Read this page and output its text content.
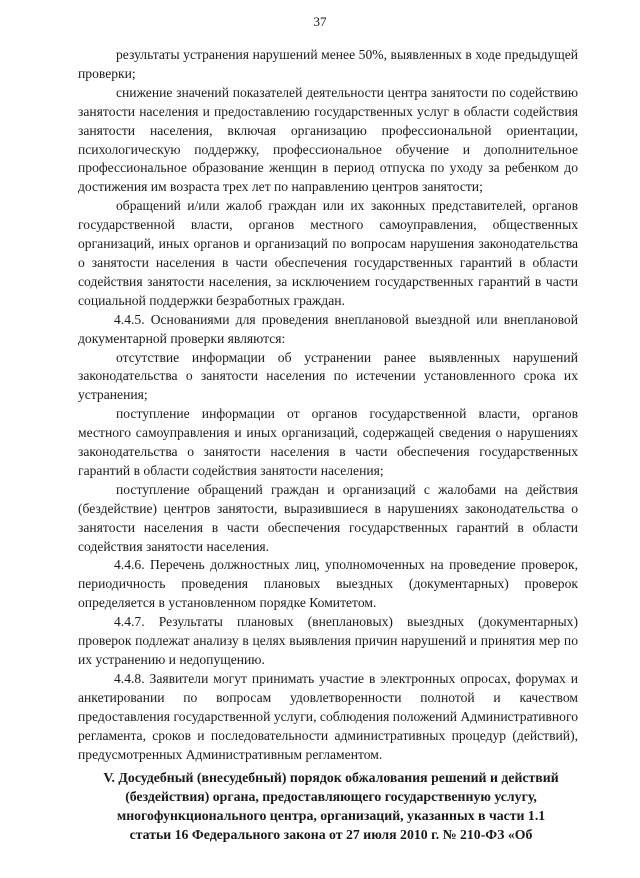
37

результаты устранения нарушений менее 50%, выявленных в ходе предыдущей проверки;

снижение значений показателей деятельности центра занятости по содействию занятости населения и предоставлению государственных услуг в области содействия занятости населения, включая организацию профессиональной ориентации, психологическую поддержку, профессиональное обучение и дополнительное профессиональное образование женщин в период отпуска по уходу за ребенком до достижения им возраста трех лет по направлению центров занятости;

обращений и/или жалоб граждан или их законных представителей, органов государственной власти, органов местного самоуправления, общественных организаций, иных органов и организаций по вопросам нарушения законодательства о занятости населения в части обеспечения государственных гарантий в области содействия занятости населения, за исключением государственных гарантий в части социальной поддержки безработных граждан.

4.4.5. Основаниями для проведения внеплановой выездной или внеплановой документарной проверки являются:

отсутствие информации об устранении ранее выявленных нарушений законодательства о занятости населения по истечении установленного срока их устранения;

поступление информации от органов государственной власти, органов местного самоуправления и иных организаций, содержащей сведения о нарушениях законодательства о занятости населения в части обеспечения государственных гарантий в области содействия занятости населения;

поступление обращений граждан и организаций с жалобами на действия (бездействие) центров занятости, выразившиеся в нарушениях законодательства о занятости населения в части обеспечения государственных гарантий в области содействия занятости населения.

4.4.6. Перечень должностных лиц, уполномоченных на проведение проверок, периодичность проведения плановых выездных (документарных) проверок определяется в установленном порядке Комитетом.

4.4.7. Результаты плановых (внеплановых) выездных (документарных) проверок подлежат анализу в целях выявления причин нарушений и принятия мер по их устранению и недопущению.

4.4.8. Заявители могут принимать участие в электронных опросах, форумах и анкетировании по вопросам удовлетворенности полнотой и качеством предоставления государственной услуги, соблюдения положений Административного регламента, сроков и последовательности административных процедур (действий), предусмотренных Административным регламентом.

V. Досудебный (внесудебный) порядок обжалования решений и действий (бездействия) органа, предоставляющего государственную услугу, многофункционального центра, организаций, указанных в части 1.1 статьи 16 Федерального закона от 27 июля 2010 г. № 210-ФЗ «Об
